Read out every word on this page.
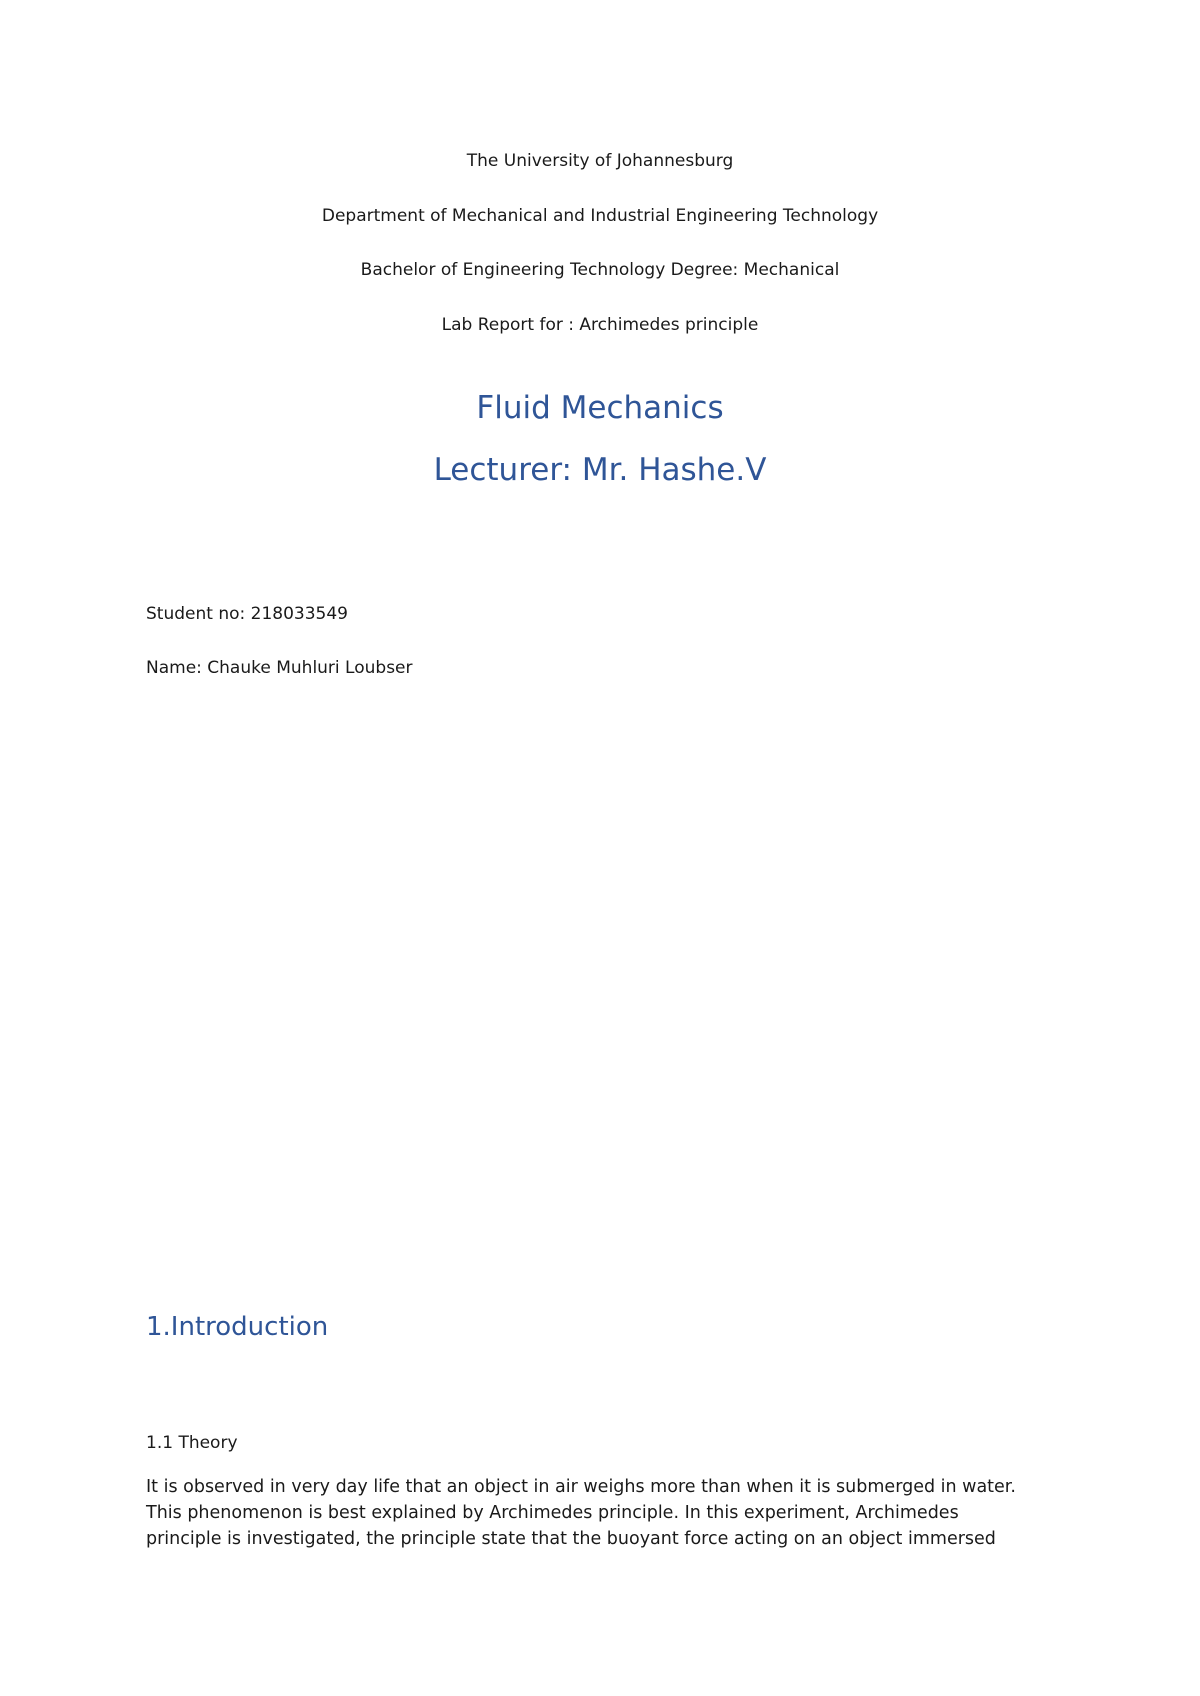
The University of Johannesburg
Department of Mechanical and Industrial Engineering Technology
Bachelor of Engineering Technology Degree: Mechanical
Lab Report for : Archimedes principle
Fluid Mechanics
Lecturer: Mr. Hashe.V
Student no: 218033549
Name: Chauke Muhluri Loubser
1.Introduction
1.1 Theory
It is observed in very day life that an object in air weighs more than when it is submerged in water.
This phenomenon is best explained by Archimedes principle. In this experiment, Archimedes
principle is investigated, the principle state that the buoyant force acting on an object immersed
